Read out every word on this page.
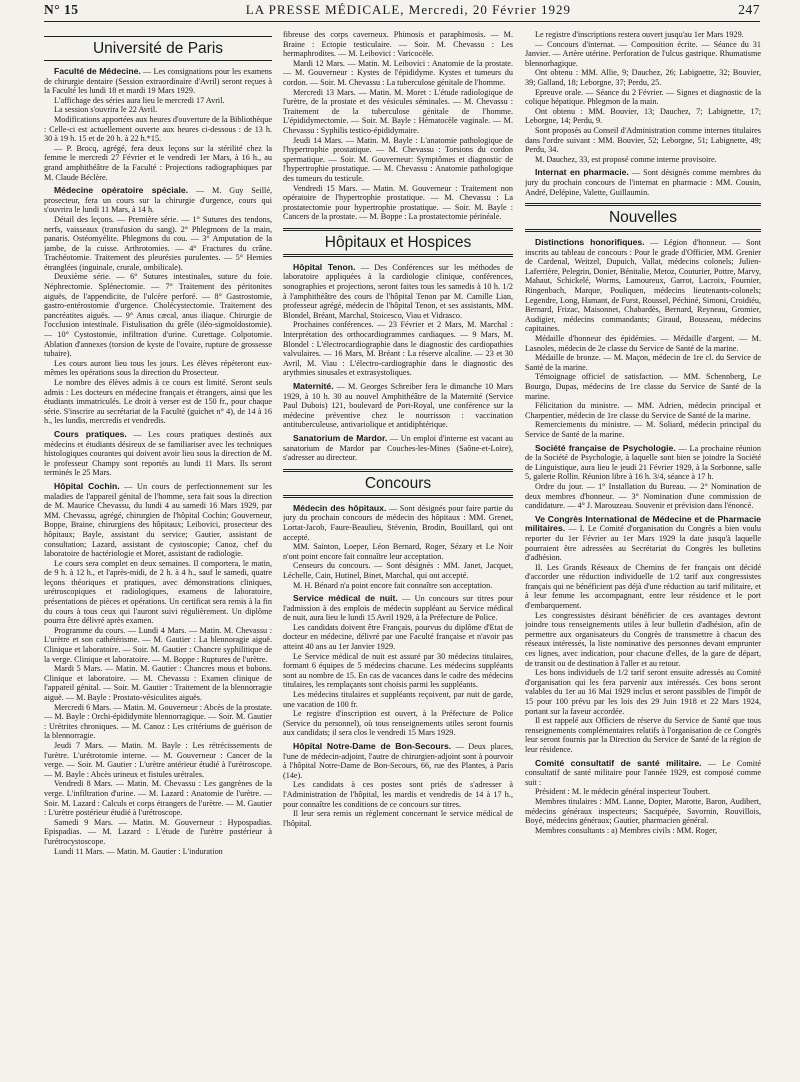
N° 15	LA PRESSE MÉDICALE, Mercredi, 20 Février 1929	247
Université de Paris

Faculté de Médecine. — Les consignations pour les examens de chirurgie dentaire (Session extraordinaire d'Avril) seront reçues à la Faculté les lundi 18 et mardi 19 Mars 1929.

L'affichage des séries aura lieu le mercredi 17 Avril.

La session s'ouvrira le 22 Avril.

Modifications apportées aux heures d'ouverture de la Bibliothèque : Celle-ci est actuellement ouverte aux heures ci-dessous : de 13 h. 30 à 19 h. 15 et de 20 h. à 22 h.*15.

— P. Brocq, agrégé, fera deux leçons sur la stérilité chez la femme le mercredi 27 Février et le vendredi 1er Mars, à 16 h., au grand amphithéâtre de la Faculté : Projections radiographiques par M. Claude Béclère.

Médecine opératoire spéciale. — M. Guy Seillé, prosecteur, fera un cours sur la chirurgie d'urgence, cours qui s'ouvrira le lundi 11 Mars, à 14 h.

Détail des leçons. — Première série. — 1° Sutures des tendons, nerfs, vaisseaux (transfusion du sang). 2° Phlegmons de la main, panaris. Ostéomyélite. Phlegmons du cou. — 3° Amputation de la jambe, de la cuisse. Arthrotomies. — 4° Fractures du crâne. Trachéotomie. Traitement des pleurésies purulentes. — 5° Hernies étranglées (inguinale, crurale, ombilicale).

Deuxième série. — 6° Sutures intestinales, suture du foie. Néphrectomie. Splénectomie. — 7° Traitement des péritonites aiguës, de l'appendicite, de l'ulcère perforé. — 8° Gastrostomie, gastro-entérostomie d'urgence. Cholécystectomie. Traitement des pancréatites aiguës. — 9° Anus cæcal, anus iliaque. Chirurgie de l'occlusion intestinale. Fistulisation du grêle (iléo-sigmoïdostomie). — 10° Cystostomie, infiltration d'urine. Curettage. Colpotomie. Ablation d'annexes (torsion de kyste de l'ovaire, rupture de grossesse tubaire).

Les cours auront lieu tous les jours. Les élèves répéteront eux-mêmes les opérations sous la direction du Prosecteur.

Le nombre des élèves admis à ce cours est limité. Seront seuls admis : Les docteurs en médecine français et étrangers, ainsi que les étudiants immatriculés. Le droit à verser est de 150 fr., pour chaque série. S'inscrire au secrétariat de la Faculté (guichet n° 4), de 14 à 16 h., les lundis, mercredis et vendredis.

Cours pratiques. — Les cours pratiques destinés aux médecins et étudiants désireux de se familiariser avec les techniques histologiques courantes qui doivent avoir lieu sous la direction de M. le professeur Champy sont reportés au lundi 11 Mars. Ils seront terminés le 25 Mars.

Hôpital Cochin. — Un cours de perfectionnement sur les maladies de l'appareil génital de l'homme, sera fait sous la direction de M. Maurice Chevassu, du lundi 4 au samedi 16 Mars 1929, par MM. Chevassu, agrégé, chirurgien de l'hôpital Cochin; Gouverneur, Boppe, Braine, chirurgiens des hôpitaux; Leibovici, prosecteur des hôpitaux; Bayle, assistant du service; Gautier, assistant de consultation; Lazard, assistant de cystoscopie; Canoz, chef du laboratoire de bactériologie et Moret, assistant de radiologie.

Le cours sera complet en deux semaines. Il comportera, le matin, de 9 h. à 12 h., et l'après-midi, de 2 h. à 4 h., sauf le samedi, quatre leçons théoriques et pratiques, avec démonstrations cliniques, urétroscopiques et radiologiques, examens de laboratoire, présentations de pièces et opérations. Un certificat sera remis à la fin du cours à tous ceux qui l'auront suivi régulièrement. Un diplôme pourra être délivré après examen.

Programme du cours. — Lundi 4 Mars. — Matin. M. Chevassu : L'urètre et son cathétérisme. — M. Gautier : La blennoragie aiguë. Clinique et laboratoire. — Soir. M. Gautier : Chancre syphilitique de la verge. Clinique et laboratoire. — M. Boppe : Ruptures de l'urètre.

Mardi 5 Mars. — Matin. M. Gautier : Chancres mous et bubons. Clinique et laboratoire. — M. Chevassu : Examen clinique de l'appareil génital. — Soir. M. Gautier : Traitement de la blennorragie aiguë. — M. Bayle : Prostato-vésiculites aiguës.

Mercredi 6 Mars. — Matin. M. Gouverneur : Abcès de la prostate. — M. Bayle : Orchi-épididymite blennorragique. — Soir. M. Gautier : Urétrites chroniques. — M. Canoz : Les critériums de guérison de la blennorragie.

Jeudi 7 Mars. — Matin. M. Bayle : Les rétrécissements de l'urètre. L'urétrotomie interne. — M. Gouverneur : Cancer de la verge. — Soir. M. Gautier : L'urètre antérieur étudié à l'urétroscope. — M. Bayle : Abcès urineux et fistules urétrales.

Vendredi 8 Mars. — Matin. M. Chevassu : Les gangrènes de la verge. L'infiltration d'urine. — M. Lazard : Anatomie de l'urètre. — Soir. M. Lazard : Calculs et corps étrangers de l'urètre. — M. Gautier : L'urètre postérieur étudié à l'urétroscope.

Samedi 9 Mars. — Matin. M. Gouverneur : Hypospadias. Epispadias. — M. Lazard : L'étude de l'urètre postérieur à l'urétrocystoscope.

Lundi 11 Mars. — Matin. M. Gautier : L'induration

fibreuse des corps caverneux. Phimosis et paraphimosis. — M. Braine : Ectopie testiculaire. — Soir. M. Chevassu : Les hermaphrodites. — M. Leibovici : Varicocèle.

Mardi 12 Mars. — Matin. M. Leibovici : Anatomie de la prostate. — M. Gouverneur : Kystes de l'épididyme. Kystes et tumeurs du cordon. — Soir. M. Chevassu : La tuberculose génitale de l'homme.

Mercredi 13 Mars. — Matin. M. Moret : L'étude radiologique de l'urètre, de la prostate et des vésicules séminales. — M. Chevassu : Traitement de la tuberculose génitale de l'homme. L'épididymectomie. — Soir. M. Bayle : Hématocèle vaginale. — M. Chevassu : Syphilis testico-épididymaire.

Jeudi 14 Mars. — Matin. M. Bayle : L'anatomie pathologique de l'hypertrophie prostatique. — M. Chevassu : Torsions du cordon spermatique. — Soir. M. Gouverneur: Symptômes et diagnostic de l'hypertrophie prostatique. — M. Chevassu : Anatomie pathologique des tumeurs du testicule.

Vendredi 15 Mars. — Matin. M. Gouverneur : Traitement non opératoire de l'hypertrophie prostatique. — M. Chevassu : La prostatectomie pour hypertrophie prostatique. — Soir. M. Bayle : Cancers de la prostate. — M. Boppe : La prostatectomie périnéale.

Hôpitaux et Hospices

Hôpital Tenon. — Des Conférences sur les méthodes de laboratoire appliquées à la cardiologie clinique, conférences, sonographies et projections, seront faites tous les samedis à 10 h. 1/2 à l'amphithéâtre des cours de l'hôpital Tenon par M. Camille Lian, professeur agrégé, médecin de l'hôpital Tenon, et ses assistants, MM. Blondel, Bréant, Marchal, Stoicesco, Viau et Vidrasco.

Prochaines conférences. — 23 Février et 2 Mars, M. Marchal : Interprétation des orthocardiogrammes cardiaques. — 9 Mars, M. Blondel : L'électrocardiographie dans le diagnostic des cardiopathies valvulaires. — 16 Mars, M. Bréant : La réserve alcaline. — 23 et 30 Avril, M. Viau : L'électro-cardiographie dans le diagnostic des arythmies sinusales et extrasystoliques.

Maternité. — M. Georges Schreiber fera le dimanche 10 Mars 1929, à 10 h. 30 au nouvel Amphithéâtre de la Maternité (Service Paul Dubois) 121, boulevard de Port-Royal, une conférence sur la médecine préventive chez le nourrisson : vaccination antituberculeuse, antivariolique et antidiphtérique.

Sanatorium de Mardor. — Un emploi d'interne est vacant au sanatorium de Mardor par Couches-les-Mines (Saône-et-Loire), s'adresser au directeur.

Concours

Médecin des hôpitaux. — Sont désignés pour faire partie du jury du prochain concours de médecin des hôpitaux : MM. Grenet, Lortat-Jacob, Faure-Beaulieu, Stévenin, Brodin, Bouillard, qui ont accepté.

MM. Sainton, Loeper, Léon Bernard, Roger, Sézary et Le Noir n'ont point encore fait connaître leur acceptation.

Censeurs du concours. — Sont désignés : MM. Janet, Jacquet, Léchelle, Cain, Hutinel, Binet, Marchal, qui ont accepté.

M. H. Bénard n'a point encore fait connaître son acceptation.

Service médical de nuit. — Un concours sur titres pour l'admission à des emplois de médecin suppléant au Service médical de nuit, aura lieu le lundi 15 Avril 1929, à la Préfecture de Police.

Les candidats doivent être Français, pourvus du diplôme d'Etat de docteur en médecine, délivré par une Faculté française et n'avoir pas atteint 40 ans au 1er Janvier 1929.

Le Service médical de nuit est assuré par 30 médecins titulaires, formant 6 équipes de 5 médecins chacune. Les médecins suppléants sont au nombre de 15. En cas de vacances dans le cadre des médecins titulaires, les remplaçants sont choisis parmi les suppléants.

Les médecins titulaires et suppléants reçoivent, par nuit de garde, une vacation de 100 fr.

Le registre d'inscription est ouvert, à la Préfecture de Police (Service du personnel), où tous renseignements utiles seront fournis aux candidats; il sera clos le vendredi 15 Mars 1929.

Hôpital Notre-Dame de Bon-Secours. — Deux places, l'une de médecin-adjoint, l'autre de chirurgien-adjoint sont à pourvoir à l'hôpital Notre-Dame de Bon-Secours, 66, rue des Plantes, à Paris (14e).

Les candidats à ces postes sont priés de s'adresser à l'Administration de l'hôpital, les mardis et vendredis de 14 à 17 h., pour connaître les conditions de ce concours sur titres.

Il leur sera remis un règlement concernant le service médical de l'hôpital.

Le registre d'inscriptions restera ouvert jusqu'au 1er Mars 1929.

— Concours d'internat. — Composition écrite. — Séance du 31 Janvier. — Artère utérine. Perforation de l'ulcus gastrique. Rhumatisme blennorhagique.

Ont obtenu : MM. Allie, 9; Dauchez, 26; Labignette, 32; Bouvier, 39; Galland, 18; Leborgne, 37; Perdu, 25.

Epreuve orale. — Séance du 2 Février. — Signes et diagnostic de la colique hépatique. Phlegmon de la main.

Ont obtenu : MM. Bouvier, 13; Dauchez, 7; Labignette, 17; Leborgne, 14; Perdu, 9.

Sont proposés au Conseil d'Administration comme internes titulaires dans l'ordre suivant : MM. Bouvier, 52; Leborgne, 51; Labignette, 49; Perdu, 34.

M. Dauchez, 33, est proposé comme interne provisoire.

Internat en pharmacie. — Sont désignés comme membres du jury du prochain concours de l'internat en pharmacie : MM. Cousin, André, Delépine, Valette, Guillaumin.

Nouvelles

Distinctions honorifiques. — Légion d'honneur. — Sont inscrits au tableau de concours : Pour le grade d'Officier, MM. Grenier de Cardenal, Weitzel, Dupuich, Vallat, médecins colonels; Julien-Laferrière, Pelegrin, Donier, Bénitalie, Metoz, Couturier, Pottre, Marvy, Mahaut, Schickelé, Worms, Lamoureux, Garrot, Lacroix, Fournier, Ringenbach, Marque, Pouliquen, médecins lieutenants-colonels; Legendre, Long, Hamant, de Furst, Roussel, Péchiné, Simoni, Croidiéu, Bernard, Frizac, Maisonnet, Chabardès, Bernard, Reyneau, Gromier, Audigier, médecins commandants; Giraud, Bousseau, médecins capitaines.

Médaille d'honneur des épidémies. — Médaille d'argent. — M. Lasnoles, médecin de 2e classe du Service de Santé de la marine.

Médaille de bronze. — M. Maçon, médecin de 1re cl. du Service de Santé de la marine.

Témoignage officiel de satisfaction. — MM. Schennberg, Le Bourgo, Dupas, médecins de 1re classe du Service de Santé de la marine.

Félicitation du ministre. — MM. Adrien, médecin principal et Charpentier, médecin de 1re classe du Service de Santé de la marine.

Remerciements du ministre. — M. Soliard, médecin principal du Service de Santé de la marine.

Société française de Psychologie. — La prochaine réunion de la Société de Psychologie, à laquelle sont bien se joindre la Société de Linguistique, aura lieu le jeudi 21 Février 1929, à la Sorbonne, salle 5, galerie Rollin. Réunion libre à 16 h. 3/4, séance à 17 h.

Ordre du jour. — 1° Installation du Bureau. — 2° Nomination de deux membres d'honneur. — 3° Nomination d'une commission de candidature. — 4° J. Marouzeau. Souvenir et prévision dans l'énoncé.

Ve Congrès International de Médecine et de Pharmacie militaires. — I. Le Comité d'organisation du Congrès a bien voulu reporter du 1er Février au 1er Mars 1929 la date jusqu'à laquelle pourraient être adressées au Secrétariat du Congrès les bulletins d'adhésion.

II. Les Grands Réseaux de Chemins de fer français ont décidé d'accorder une réduction individuelle de 1/2 tarif aux congressistes français qui ne bénéficient pas déjà d'une réduction au tarif militaire, et à leur femme les accompagnant, entre leur résidence et le port d'embarquement.

Les congressistes désirant bénéficier de ces avantages devront joindre tous renseignements utiles à leur bulletin d'adhésion, afin de permettre aux organisateurs du Congrès de transmettre à chacun des réseaux intéressés, la liste nominative des personnes devant emprunter ces lignes, avec indication, pour chacune d'elles, de la gare de départ, de transit ou de destination à l'aller et au retour.

Les bons individuels de 1/2 tarif seront ensuite adressés au Comité d'organisation qui les fera parvenir aux intéressés. Ces bons seront valables du 1er au 16 Mai 1929 inclus et seront passibles de l'impôt de 15 pour 100 prévu par les lois des 29 Juin 1918 et 22 Mars 1924, portant sur la faveur accordée.

Il est rappelé aux Officiers de réserve du Service de Santé que tous renseignements complémentaires relatifs à l'organisation de ce Congrès leur seront fournis par la Direction du Service de Santé de la région de leur résidence.

Comité consultatif de santé militaire. — Le Comité consultatif de santé militaire pour l'année 1929, est composé comme suit :

Président : M. le médecin général inspecteur Toubert.

Membres titulaires : MM. Lanne, Dopter, Marotte, Baron, Audibert, médecins généraux inspecteurs; Sacquépée, Savornin, Rouvillois, Boyé, médecins généraux; Gautier, pharmacien général.

Membres consultants : a) Membres civils : MM. Roger,
